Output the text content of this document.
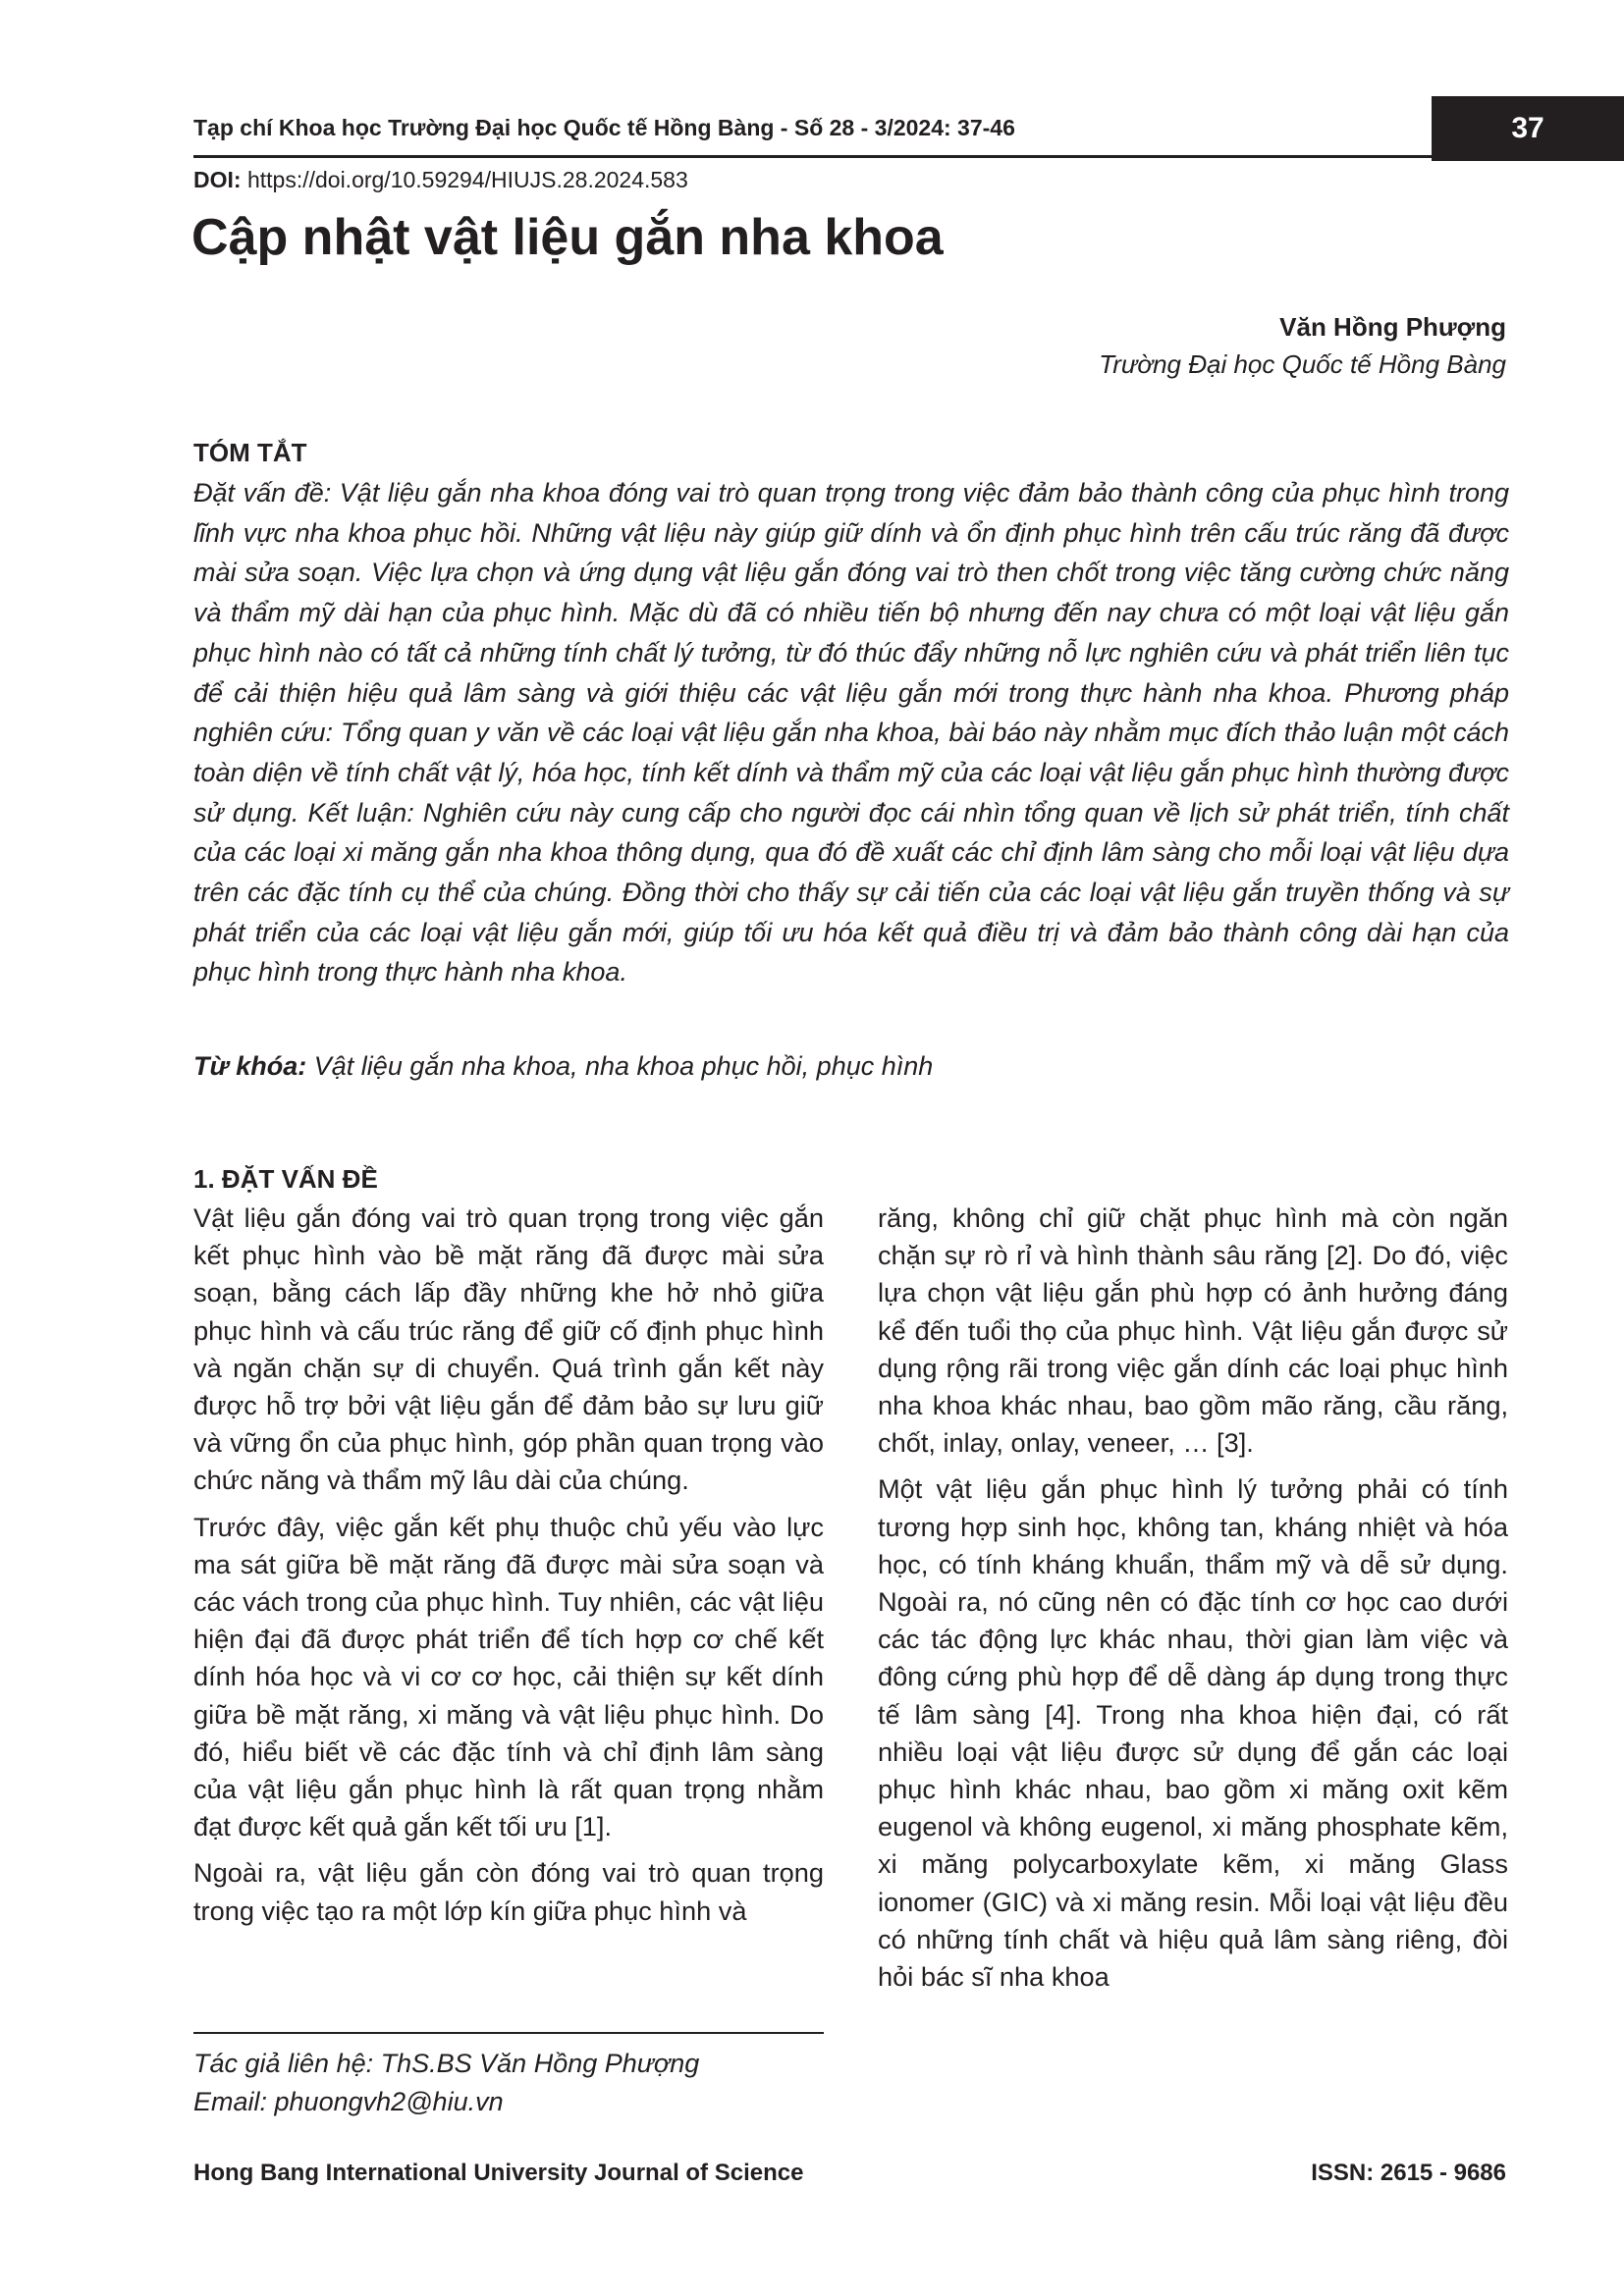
Tạp chí Khoa học Trường Đại học Quốc tế Hồng Bàng - Số 28 - 3/2024: 37-46	37
DOI: https://doi.org/10.59294/HIUJS.28.2024.583
Cập nhật vật liệu gắn nha khoa
Văn Hồng Phượng
Trường Đại học Quốc tế Hồng Bàng
TÓM TẮT

Đặt vấn đề: Vật liệu gắn nha khoa đóng vai trò quan trọng trong việc đảm bảo thành công của phục hình trong lĩnh vực nha khoa phục hồi. Những vật liệu này giúp giữ dính và ổn định phục hình trên cấu trúc răng đã được mài sửa soạn. Việc lựa chọn và ứng dụng vật liệu gắn đóng vai trò then chốt trong việc tăng cường chức năng và thẩm mỹ dài hạn của phục hình. Mặc dù đã có nhiều tiến bộ nhưng đến nay chưa có một loại vật liệu gắn phục hình nào có tất cả những tính chất lý tưởng, từ đó thúc đẩy những nỗ lực nghiên cứu và phát triển liên tục để cải thiện hiệu quả lâm sàng và giới thiệu các vật liệu gắn mới trong thực hành nha khoa. Phương pháp nghiên cứu: Tổng quan y văn về các loại vật liệu gắn nha khoa, bài báo này nhằm mục đích thảo luận một cách toàn diện về tính chất vật lý, hóa học, tính kết dính và thẩm mỹ của các loại vật liệu gắn phục hình thường được sử dụng. Kết luận: Nghiên cứu này cung cấp cho người đọc cái nhìn tổng quan về lịch sử phát triển, tính chất của các loại xi măng gắn nha khoa thông dụng, qua đó đề xuất các chỉ định lâm sàng cho mỗi loại vật liệu dựa trên các đặc tính cụ thể của chúng. Đồng thời cho thấy sự cải tiến của các loại vật liệu gắn truyền thống và sự phát triển của các loại vật liệu gắn mới, giúp tối ưu hóa kết quả điều trị và đảm bảo thành công dài hạn của phục hình trong thực hành nha khoa.

Từ khóa: Vật liệu gắn nha khoa, nha khoa phục hồi, phục hình
1. ĐẶT VẤN ĐỀ

Vật liệu gắn đóng vai trò quan trọng trong việc gắn kết phục hình vào bề mặt răng đã được mài sửa soạn, bằng cách lấp đầy những khe hở nhỏ giữa phục hình và cấu trúc răng để giữ cố định phục hình và ngăn chặn sự di chuyển. Quá trình gắn kết này được hỗ trợ bởi vật liệu gắn để đảm bảo sự lưu giữ và vững ổn của phục hình, góp phần quan trọng vào chức năng và thẩm mỹ lâu dài của chúng.

Trước đây, việc gắn kết phụ thuộc chủ yếu vào lực ma sát giữa bề mặt răng đã được mài sửa soạn và các vách trong của phục hình. Tuy nhiên, các vật liệu hiện đại đã được phát triển để tích hợp cơ chế kết dính hóa học và vi cơ cơ học, cải thiện sự kết dính giữa bề mặt răng, xi măng và vật liệu phục hình. Do đó, hiểu biết về các đặc tính và chỉ định lâm sàng của vật liệu gắn phục hình là rất quan trọng nhằm đạt được kết quả gắn kết tối ưu [1].

Ngoài ra, vật liệu gắn còn đóng vai trò quan trọng trong việc tạo ra một lớp kín giữa phục hình và

răng, không chỉ giữ chặt phục hình mà còn ngăn chặn sự rò rỉ và hình thành sâu răng [2]. Do đó, việc lựa chọn vật liệu gắn phù hợp có ảnh hưởng đáng kể đến tuổi thọ của phục hình. Vật liệu gắn được sử dụng rộng rãi trong việc gắn dính các loại phục hình nha khoa khác nhau, bao gồm mão răng, cầu răng, chốt, inlay, onlay, veneer, … [3].

Một vật liệu gắn phục hình lý tưởng phải có tính tương hợp sinh học, không tan, kháng nhiệt và hóa học, có tính kháng khuẩn, thẩm mỹ và dễ sử dụng. Ngoài ra, nó cũng nên có đặc tính cơ học cao dưới các tác động lực khác nhau, thời gian làm việc và đông cứng phù hợp để dễ dàng áp dụng trong thực tế lâm sàng [4]. Trong nha khoa hiện đại, có rất nhiều loại vật liệu được sử dụng để gắn các loại phục hình khác nhau, bao gồm xi măng oxit kẽm eugenol và không eugenol, xi măng phosphate kẽm, xi măng polycarboxylate kẽm, xi măng Glass ionomer (GIC) và xi măng resin. Mỗi loại vật liệu đều có những tính chất và hiệu quả lâm sàng riêng, đòi hỏi bác sĩ nha khoa

Tác giả liên hệ: ThS.BS Văn Hồng Phượng
Email: phuongvh2@hiu.vn
Hong Bang International University Journal of Science	ISSN: 2615 - 9686
